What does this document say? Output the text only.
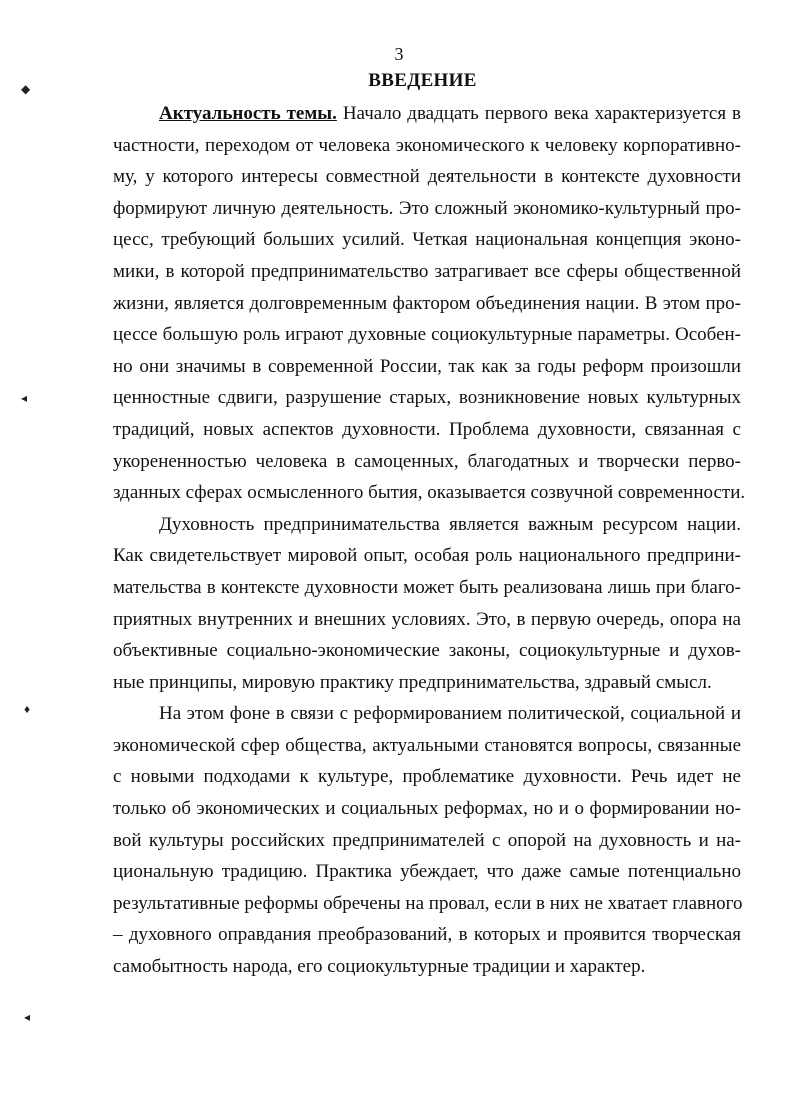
3
ВВЕДЕНИЕ
◆
◂
♦
◂
Актуальность темы. Начало двадцать первого века характеризуется в
частности, переходом от человека экономического к человеку корпоративно-
му, у которого интересы совместной деятельности в контексте духовности
формируют личную деятельность. Это сложный экономико-культурный про-
цесс, требующий больших усилий. Четкая национальная концепция эконо-
мики, в которой предпринимательство затрагивает все сферы общественной
жизни, является долговременным фактором объединения нации. В этом про-
цессе большую роль играют духовные социокультурные параметры. Особен-
но они значимы в современной России, так как за годы реформ произошли
ценностные сдвиги, разрушение старых, возникновение новых культурных
традиций, новых аспектов духовности. Проблема духовности, связанная с
укорененностью человека в самоценных, благодатных и творчески перво-
зданных сферах осмысленного бытия, оказывается созвучной современности.
Духовность предпринимательства является важным ресурсом нации.
Как свидетельствует мировой опыт, особая роль национального предприни-
мательства в контексте духовности может быть реализована лишь при благо-
приятных внутренних и внешних условиях. Это, в первую очередь, опора на
объективные социально-экономические законы, социокультурные и духов-
ные принципы, мировую практику предпринимательства, здравый смысл.
На этом фоне в связи с реформированием политической, социальной и
экономической сфер общества, актуальными становятся вопросы, связанные
с новыми подходами к культуре, проблематике духовности. Речь идет не
только об экономических и социальных реформах, но и о формировании но-
вой культуры российских предпринимателей с опорой на духовность и на-
циональную традицию. Практика убеждает, что даже самые потенциально
результативные реформы обречены на провал, если в них не хватает главного
– духовного оправдания преобразований, в которых и проявится творческая
самобытность народа, его социокультурные традиции и характер.
